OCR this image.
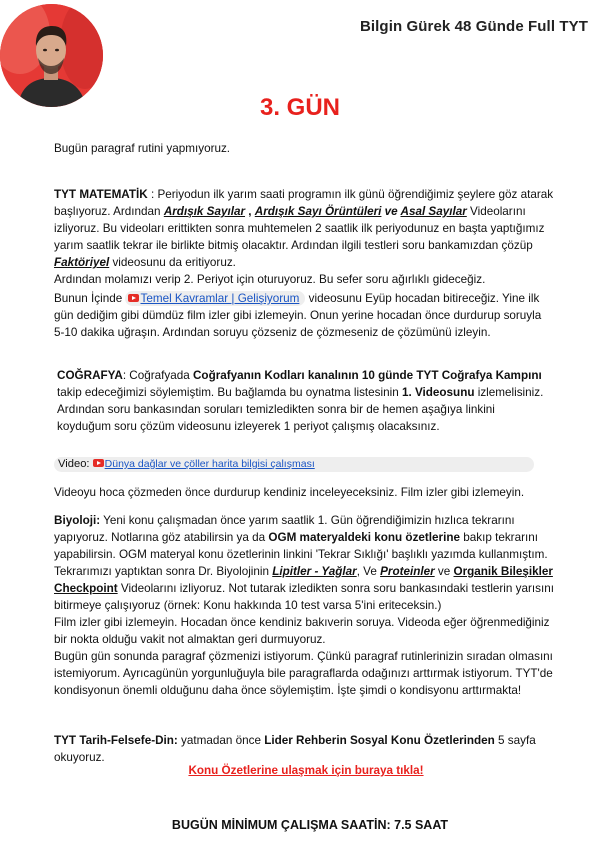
Bilgin Gürek 48 Günde Full TYT
3. GÜN

Bugün paragraf rutini yapmıyoruz.

TYT MATEMATİK : Periyodun ilk yarım saati programın ilk günü öğrendiğimiz şeylere göz atarak başlıyoruz. Ardından Ardışık Sayılar , Ardışık Sayı Örüntüleri ve Asal Sayılar Videolarını izliyoruz. Bu videoları erittikten sonra muhtemelen 2 saatlik ilk periyodunuz en başta yaptığımız yarım saatlik tekrar ile birlikte bitmiş olacaktır. Ardından ilgili testleri soru bankamızdan çözüp Faktöriyel videosunu da eritiyoruz.

Ardından molamızı verip 2. Periyot için oturuyoruz. Bu sefer soru ağırlıklı gideceğiz.

Bunun İçinde Temel Kavramlar | Gelişiyorum videosunu Eyüp hocadan bitireceğiz. Yine ilk gün dediğim gibi dümdüz film izler gibi izlemeyin. Onun yerine hocadan önce durdurup soruyla 5-10 dakika uğraşın. Ardından soruyu çözseniz de çözmeseniz de çözümünü izleyin.

COĞRAFYA: Coğrafyada Coğrafyanın Kodları kanalının 10 günde TYT Coğrafya Kampını takip edeceğimizi söylemiştim. Bu bağlamda bu oynatma listesinin 1. Videosunu izlemelisiniz. Ardından soru bankasından soruları temizledikten sonra bir de hemen aşağıya linkini koyduğum soru çözüm videosunu izleyerek 1 periyot çalışmış olacaksınız.

Video: Dünya dağlar ve çöller harita bilgisi çalışması

Videoyu hoca çözmeden önce durdurup kendiniz inceleyeceksiniz. Film izler gibi izlemeyin.

Biyoloji: Yeni konu çalışmadan önce yarım saatlik 1. Gün öğrendiğimizin hızlıca tekrarını yapıyoruz. Notlarına göz atabilirsin ya da OGM materyaldeki konu özetlerine bakıp tekrarını yapabilirsin. OGM materyal konu özetlerinin linkini 'Tekrar Sıklığı' başlıklı yazımda kullanmıştım. Tekrarımızı yaptıktan sonra Dr. Biyolojinin Lipitler - Yağlar, Ve Proteinler ve Organik Bileşikler Checkpoint Videolarını izliyoruz. Not tutarak izledikten sonra soru bankasındaki testlerin yarısını bitirmeye çalışıyoruz (örnek: Konu hakkında 10 test varsa 5'ini eriteceksin.)

Film izler gibi izlemeyin. Hocadan önce kendiniz bakıverin soruya. Videoda eğer öğrenmediğiniz bir nokta olduğu vakit not almaktan geri durmuyoruz.

Bugün gün sonunda paragraf çözmenizi istiyorum. Çünkü paragraf rutinlerinizin sıradan olmasını istemiyorum. Ayrıcagünün yorgunluğuyla bile paragraflarda odağınızı arttırmak istiyorum. TYT'de kondisyonun önemli olduğunu daha önce söylemiştim. İşte şimdi o kondisyonu arttırmakta!

TYT Tarih-Felsefe-Din: yatmadan önce Lider Rehberin Sosyal Konu Özetlerinden 5 sayfa okuyoruz.

Konu Özetlerine ulaşmak için buraya tıkla!
BUGÜN MİNİMUM ÇALIŞMA SAATİN: 7.5 SAAT
